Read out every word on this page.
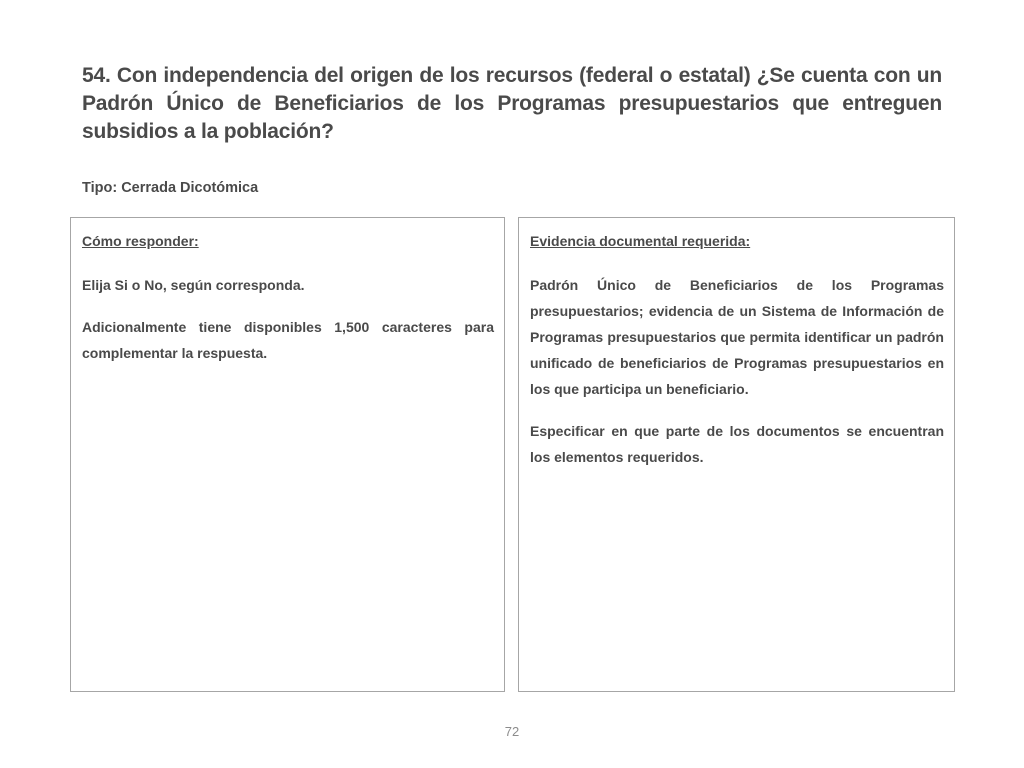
54. Con independencia del origen de los recursos (federal o estatal) ¿Se cuenta con un Padrón Único de Beneficiarios de los Programas presupuestarios que entreguen subsidios a la población?

Tipo: Cerrada Dicotómica

Cómo responder:

Elija Si o No, según corresponda.

Adicionalmente tiene disponibles 1,500 caracteres para complementar la respuesta.

Evidencia documental requerida:

Padrón Único de Beneficiarios de los Programas presupuestarios; evidencia de un Sistema de Información de Programas presupuestarios que permita identificar un padrón unificado de beneficiarios de Programas presupuestarios en los que participa un beneficiario.

Especificar en que parte de los documentos se encuentran los elementos requeridos.

72
